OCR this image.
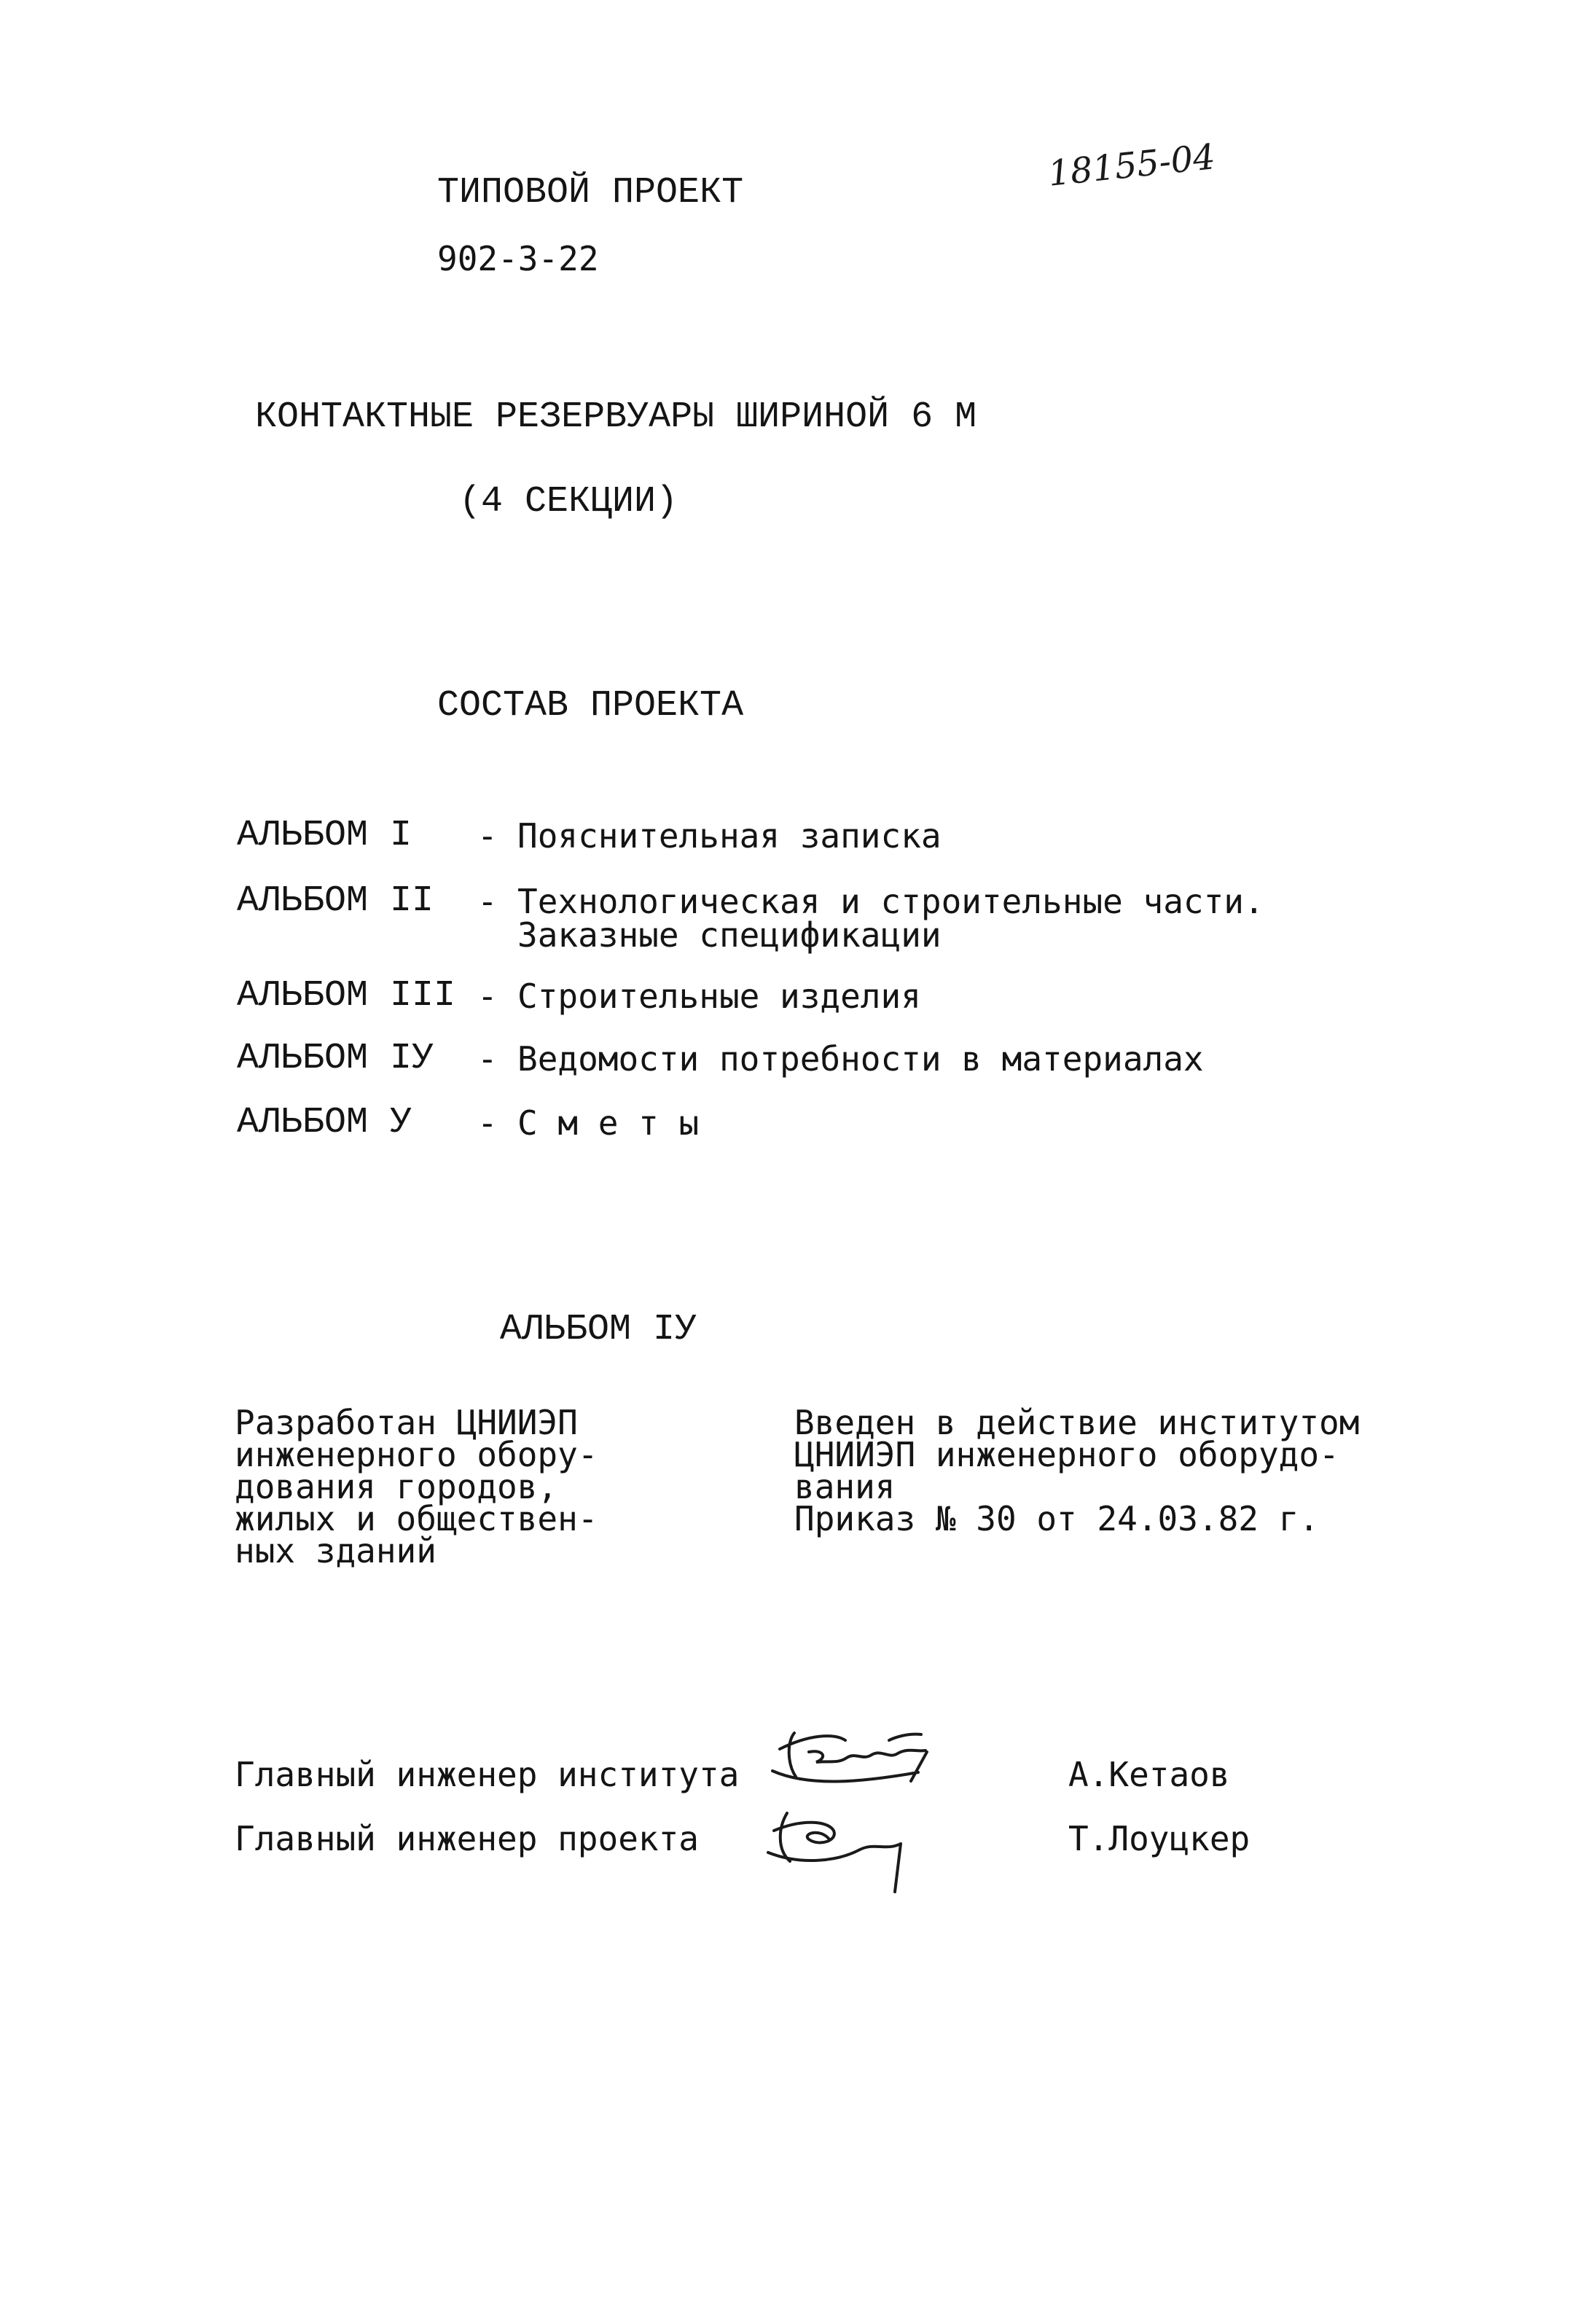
ТИПОВОЙ ПРОЕКТ
902-3-22
18155-04
КОНТАКТНЫЕ РЕЗЕРВУАРЫ ШИРИНОЙ 6 М
(4 СЕКЦИИ)
СОСТАВ ПРОЕКТА
АЛЬБОМ I - Пояснительная записка
АЛЬБОМ II - Технологическая и строительные части.
Заказные спецификации
АЛЬБОМ III - Строительные изделия
АЛЬБОМ IУ - Ведомости потребности в материалах
АЛЬБОМ У - С м е т ы
АЛЬБОМ IУ
Разработан ЦНИИЭП
инженерного обору-
дования городов,
жилых и обществен-
ных зданий
Введен в действие институтом
ЦНИИЭП инженерного оборудо-
вания
Приказ № 30 от 24.03.82 г.
Главный инженер института	А.Кетаов
Главный инженер проекта	Т.Лоуцкер
